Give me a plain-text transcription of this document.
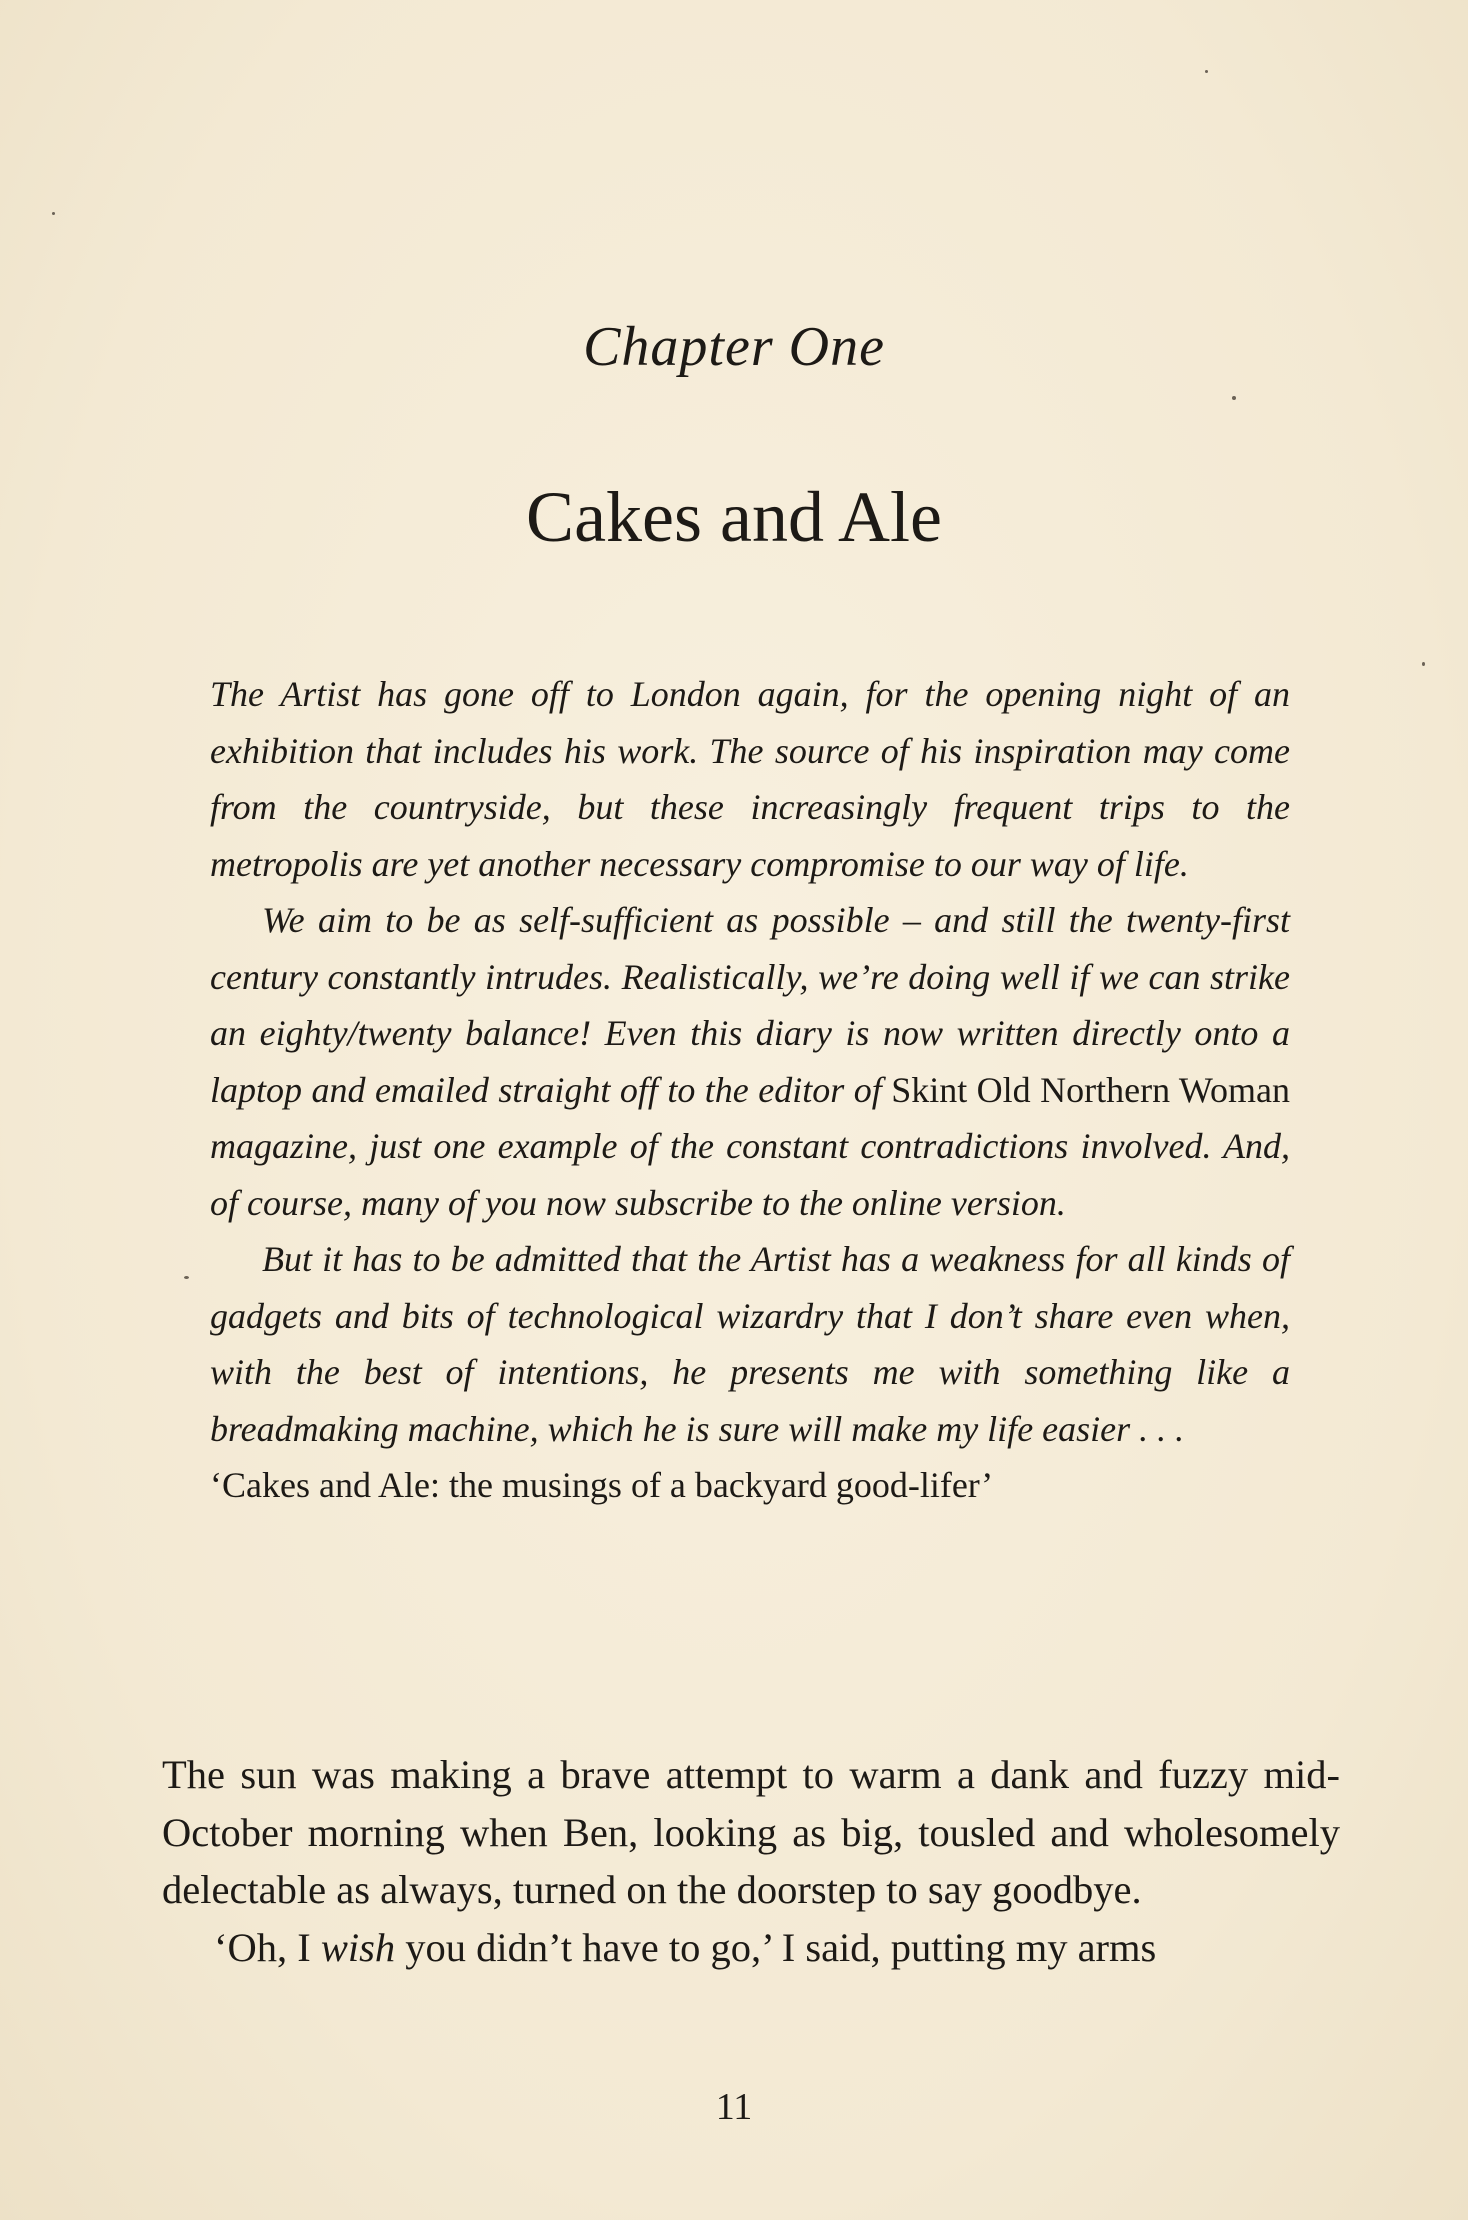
Chapter One
Cakes and Ale

The Artist has gone off to London again, for the opening night of an exhibition that includes his work. The source of his inspiration may come from the countryside, but these increasingly frequent trips to the metropolis are yet another necessary compromise to our way of life.

We aim to be as self-sufficient as possible – and still the twenty-first century constantly intrudes. Realistically, we’re doing well if we can strike an eighty/twenty balance! Even this diary is now written directly onto a laptop and emailed straight off to the editor of Skint Old Northern Woman magazine, just one example of the constant contradictions involved. And, of course, many of you now subscribe to the online version.

But it has to be admitted that the Artist has a weakness for all kinds of gadgets and bits of technological wizardry that I don’t share even when, with the best of intentions, he presents me with something like a breadmaking machine, which he is sure will make my life easier . . .

‘Cakes and Ale: the musings of a backyard good-lifer’

The sun was making a brave attempt to warm a dank and fuzzy mid-October morning when Ben, looking as big, tousled and wholesomely delectable as always, turned on the doorstep to say goodbye.

‘Oh, I wish you didn’t have to go,’ I said, putting my arms

11
